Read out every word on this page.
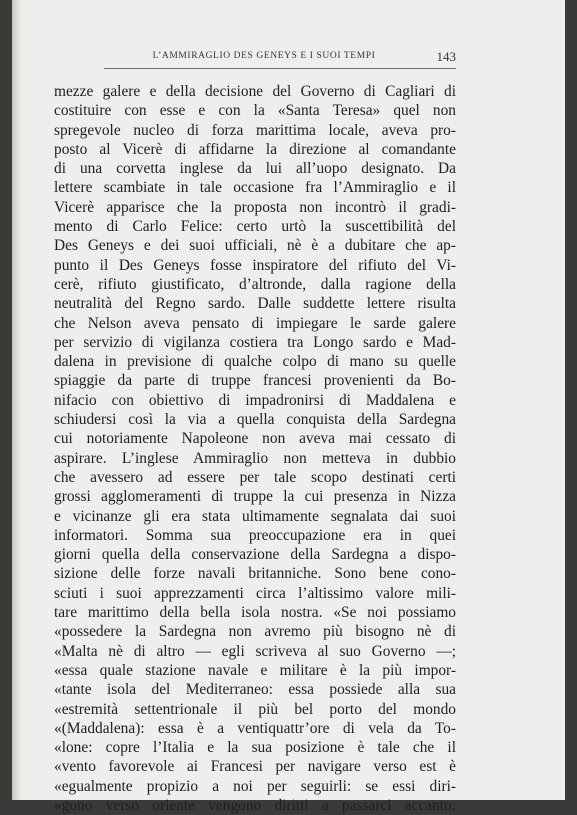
L’AMMIRAGLIO DES GENEYS E I SUOI TEMPI	143
mezze galere e della decisione del Governo di Cagliari di
costituire con esse e con la «Santa Teresa» quel non
spregevole nucleo di forza marittima locale, aveva pro-
posto al Vicerè di affidarne la direzione al comandante
di una corvetta inglese da lui all’uopo designato. Da
lettere scambiate in tale occasione fra l’Ammiraglio e il
Vicerè apparisce che la proposta non incontrò il gradi-
mento di Carlo Felice: certo urtò la suscettibilità del
Des Geneys e dei suoi ufficiali, nè è a dubitare che ap-
punto il Des Geneys fosse inspiratore del rifiuto del Vi-
cerè, rifiuto giustificato, d’altronde, dalla ragione della
neutralità del Regno sardo. Dalle suddette lettere risulta
che Nelson aveva pensato di impiegare le sarde galere
per servizio di vigilanza costiera tra Longo sardo e Mad-
dalena in previsione di qualche colpo di mano su quelle
spiaggie da parte di truppe francesi provenienti da Bo-
nifacio con obiettivo di impadronirsi di Maddalena e
schiudersi così la via a quella conquista della Sardegna
cui notoriamente Napoleone non aveva mai cessato di
aspirare. L’inglese Ammiraglio non metteva in dubbio
che avessero ad essere per tale scopo destinati certi
grossi agglomeramenti di truppe la cui presenza in Nizza
e vicinanze gli era stata ultimamente segnalata dai suoi
informatori. Somma sua preoccupazione era in quei
giorni quella della conservazione della Sardegna a dispo-
sizione delle forze navali britanniche. Sono bene cono-
sciuti i suoi apprezzamenti circa l’altissimo valore mili-
tare marittimo della bella isola nostra. «Se noi possiamo
«possedere la Sardegna non avremo più bisogno nè di
«Malta nè di altro — egli scriveva al suo Governo —;
«essa quale stazione navale e militare è la più impor-
«tante isola del Mediterraneo: essa possiede alla sua
«estremità settentrionale il più bel porto del mondo
«(Maddalena): essa è a ventiquattr’ore di vela da To-
«lone: copre l’Italia e la sua posizione è tale che il
«vento favorevole ai Francesi per navigare verso est è
«egualmente propizio a noi per seguirli: se essi diri-
«gono verso oriente vengono diritti a passarci accanto:
